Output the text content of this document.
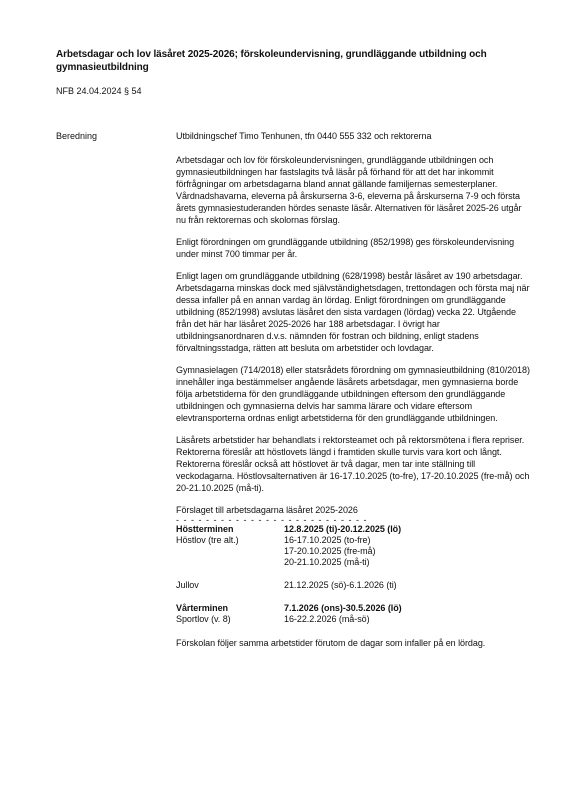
Arbetsdagar och lov läsåret 2025-2026; förskoleundervisning, grundläggande utbildning och gymnasieutbildning
NFB 24.04.2024 § 54
Beredning	Utbildningschef Timo Tenhunen, tfn 0440 555 332 och rektorerna

Arbetsdagar och lov för förskoleundervisningen, grundläggande utbildningen och gymnasieutbildningen har fastslagits två läsår på förhand för att det har inkommit förfrågningar om arbetsdagarna bland annat gällande familjernas semesterplaner. Vårdnadshavarna, eleverna på årskurserna 3-6, eleverna på årskurserna 7-9 och första årets gymnasiestuderanden hördes senaste läsår. Alternativen för läsåret 2025-26 utgår nu från rektorernas och skolornas förslag.

Enligt förordningen om grundläggande utbildning (852/1998) ges förskoleundervisning under minst 700 timmar per år.

Enligt lagen om grundläggande utbildning (628/1998) består läsåret av 190 arbetsdagar. Arbetsdagarna minskas dock med självständighetsdagen, trettondagen och första maj när dessa infaller på en annan vardag än lördag. Enligt förordningen om grundläggande utbildning (852/1998) avslutas läsåret den sista vardagen (lördag) vecka 22. Utgående från det här har läsåret 2025-2026 har 188 arbetsdagar. I övrigt har utbildningsanordnaren d.v.s. nämnden för fostran och bildning, enligt stadens förvaltningsstadga, rätten att besluta om arbetstider och lovdagar.

Gymnasielagen (714/2018) eller statsrådets förordning om gymnasieutbildning (810/2018) innehåller inga bestämmelser angående läsårets arbetsdagar, men gymnasierna borde följa arbetstiderna för den grundläggande utbildningen eftersom den grundläggande utbildningen och gymnasierna delvis har samma lärare och vidare eftersom elevtransporterna ordnas enligt arbetstiderna för den grundläggande utbildningen.

Läsårets arbetstider har behandlats i rektorsteamet och på rektorsmötena i flera repriser. Rektorerna föreslår att höstlovets längd i framtiden skulle turvis vara kort och långt. Rektorerna föreslår också att höstlovet är två dagar, men tar inte ställning till veckodagarna. Höstlovsalternativen är 16-17.10.2025 (to-fre), 17-20.10.2025 (fre-må) och 20-21.10.2025 (må-ti).

Förslaget till arbetsdagarna läsåret 2025-2026
- - - - - - - - - - - - - - - - - - - - - - - - - -
Höstterminen	12.8.2025 (ti)-20.12.2025 (lö)
Höstlov (tre alt.)	16-17.10.2025 (to-fre)
17-20.10.2025 (fre-må)
20-21.10.2025 (må-ti)
Jullov	21.12.2025 (sö)-6.1.2026 (ti)
Vårterminen	7.1.2026 (ons)-30.5.2026 (lö)
Sportlov (v. 8)	16-22.2.2026 (må-sö)

Förskolan följer samma arbetstider förutom de dagar som infaller på en lördag.
